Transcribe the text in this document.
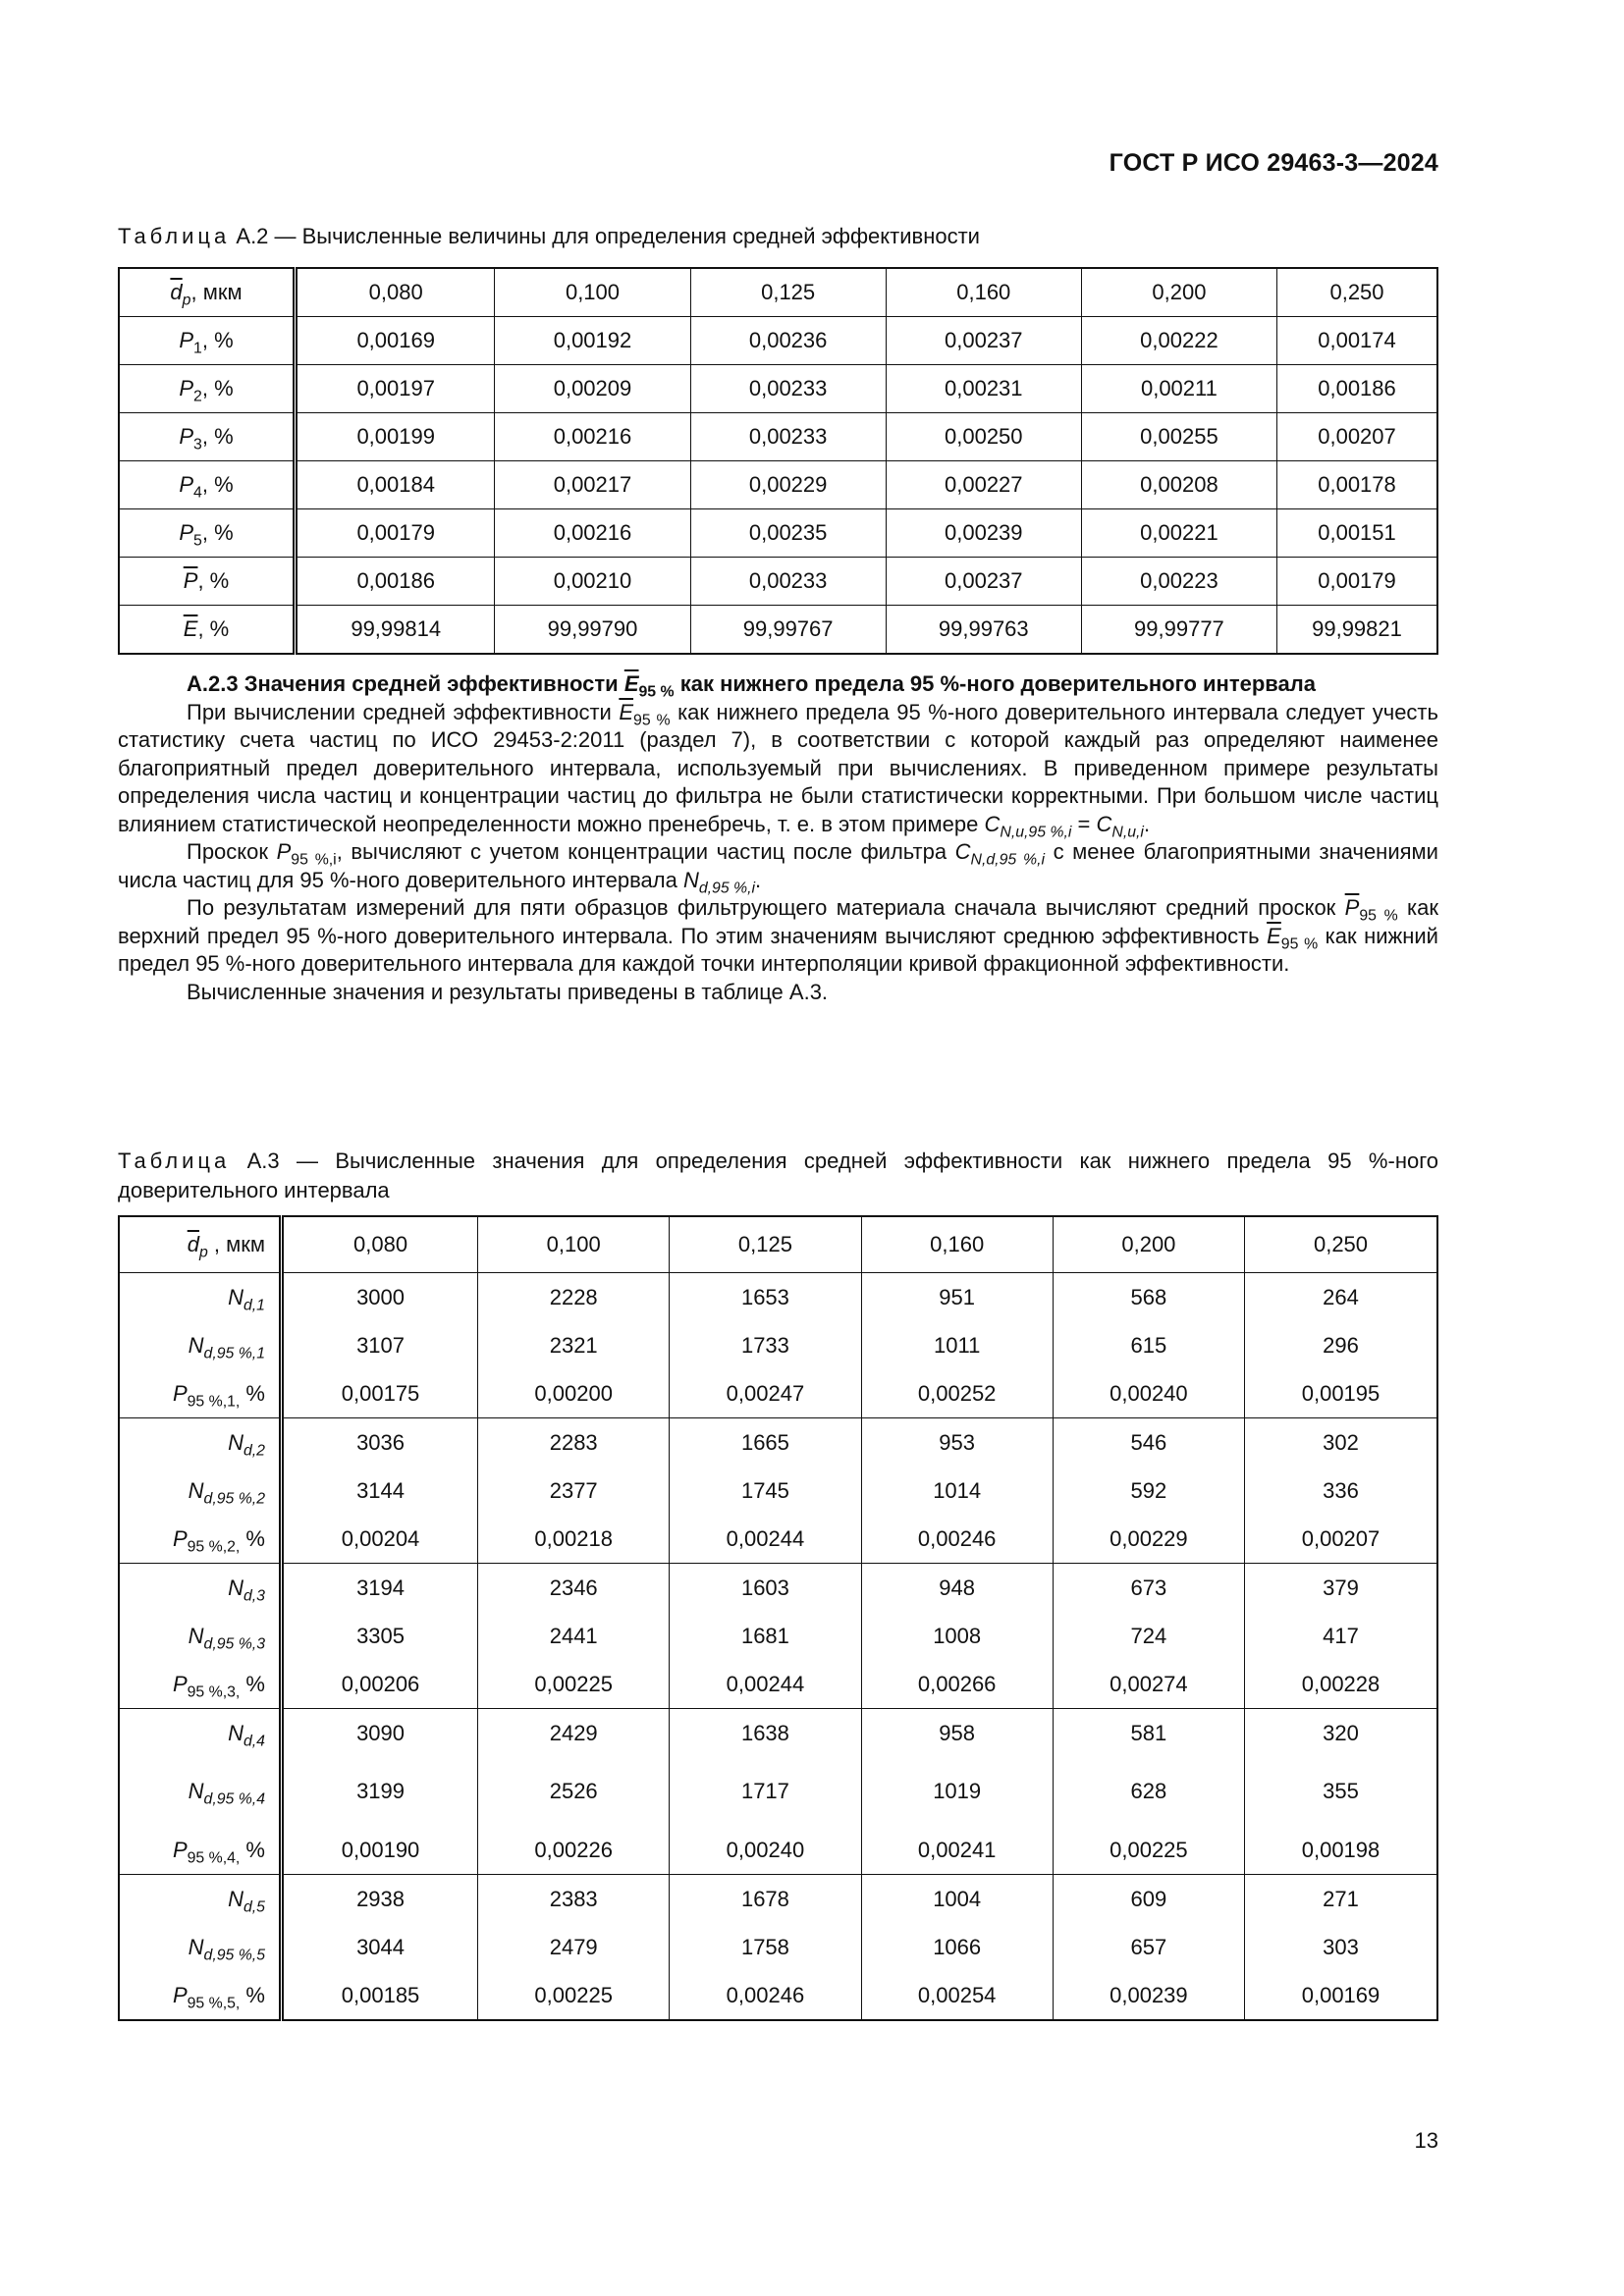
ГОСТ Р ИСО 29463-3—2024
Таблица А.2 — Вычисленные величины для определения средней эффективности
$\overline{d}_p$, мкм	0,080	0,100	0,125	0,160	0,200	0,250
$P_1$, %	0,00169	0,00192	0,00236	0,00237	0,00222	0,00174
$P_2$, %	0,00197	0,00209	0,00233	0,00231	0,00211	0,00186
$P_3$, %	0,00199	0,00216	0,00233	0,00250	0,00255	0,00207
$P_4$, %	0,00184	0,00217	0,00229	0,00227	0,00208	0,00178
$P_5$, %	0,00179	0,00216	0,00235	0,00239	0,00221	0,00151
$\overline{P}$, %	0,00186	0,00210	0,00233	0,00237	0,00223	0,00179
$\overline{E}$, %	99,99814	99,99790	99,99767	99,99763	99,99777	99,99821

А.2.3 Значения средней эффективности $\overline{E}_{95 \%}$ как нижнего предела 95 %-ного доверительного интервала

При вычислении средней эффективности $\overline{E}_{95 \%}$ как нижнего предела 95 %-ного доверительного интервала следует учесть статистику счета частиц по ИСО 29453-2:2011 (раздел 7), в соответствии с которой каждый раз определяют наименее благоприятный предел доверительного интервала, используемый при вычислениях. В приведенном примере результаты определения числа частиц и концентрации частиц до фильтра не были статистически корректными. При большом числе частиц влиянием статистической неопределенности можно пренебречь, т. е. в этом примере $C_{N,u,95 \%,i} = C_{N,u,i}$.

Проскок $P_{95 \%,i}$, вычисляют с учетом концентрации частиц после фильтра $C_{N,d,95 \%,i}$ с менее благоприятными значениями числа частиц для 95 %-ного доверительного интервала $N_{d,95 \%,i}$.

По результатам измерений для пяти образцов фильтрующего материала сначала вычисляют средний проскок $\overline{P}_{95 \%}$ как верхний предел 95 %-ного доверительного интервала. По этим значениям вычисляют среднюю эффективность $\overline{E}_{95 \%}$ как нижний предел 95 %-ного доверительного интервала для каждой точки интерполяции кривой фракционной эффективности.

Вычисленные значения и результаты приведены в таблице А.3.

Таблица А.3 — Вычисленные значения для определения средней эффективности как нижнего предела 95 %-ного доверительного интервала
$\overline{d}_p$ , мкм	0,080	0,100	0,125	0,160	0,200	0,250
$N_{d,1}$	3000	2228	1653	951	568	264
$N_{d,95 \%,1}$	3107	2321	1733	1011	615	296
$P_{95 \%,1,}$ %	0,00175	0,00200	0,00247	0,00252	0,00240	0,00195
$N_{d,2}$	3036	2283	1665	953	546	302
$N_{d,95 \%,2}$	3144	2377	1745	1014	592	336
$P_{95 \%,2,}$ %	0,00204	0,00218	0,00244	0,00246	0,00229	0,00207
$N_{d,3}$	3194	2346	1603	948	673	379
$N_{d,95 \%,3}$	3305	2441	1681	1008	724	417
$P_{95 \%,3,}$ %	0,00206	0,00225	0,00244	0,00266	0,00274	0,00228
$N_{d,4}$	3090	2429	1638	958	581	320
$N_{d,95 \%,4}$	3199	2526	1717	1019	628	355
$P_{95 \%,4,}$ %	0,00190	0,00226	0,00240	0,00241	0,00225	0,00198
$N_{d,5}$	2938	2383	1678	1004	609	271
$N_{d,95 \%,5}$	3044	2479	1758	1066	657	303
$P_{95 \%,5,}$ %	0,00185	0,00225	0,00246	0,00254	0,00239	0,00169
13
